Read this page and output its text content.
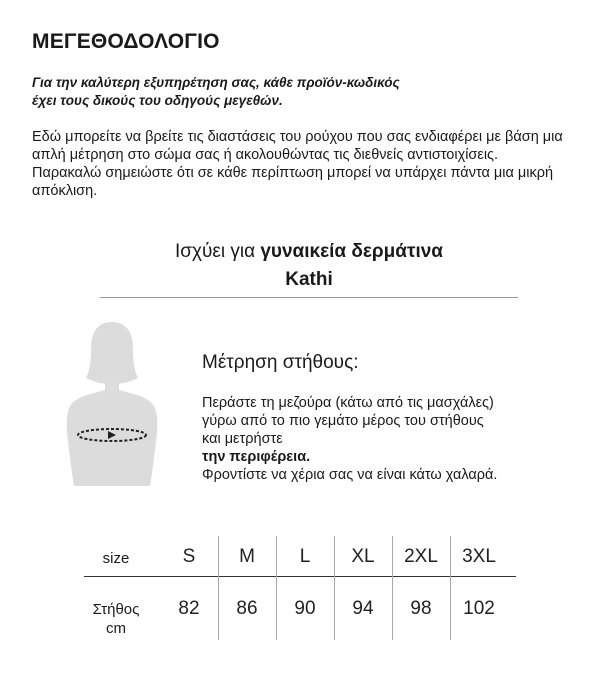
ΜΕΓΕΘΟΔΟΛΟΓΙΟ
Για την καλύτερη εξυπηρέτηση σας, κάθε προϊόν-κωδικός
έχει τους δικούς του οδηγούς μεγεθών.

Εδώ μπορείτε να βρείτε τις διαστάσεις του ρούχου που σας ενδιαφέρει με βάση μια απλή μέτρηση στο σώμα σας ή ακολουθώντας τις διεθνείς αντιστοιχίσεις.

Παρακαλώ σημειώστε ότι σε κάθε περίπτωση μπορεί να υπάρχει πάντα μια μικρή απόκλιση.

Ισχύει για γυναικεία δερμάτινα
Kathi
Μέτρηση στήθους:
Περάστε τη μεζούρα (κάτω από τις μασχάλες)
γύρω από το πιο γεμάτο μέρος του στήθους
και μετρήστε
την περιφέρεια.
Φροντίστε να χέρια σας να είναι κάτω χαλαρά.
size	S	M	L	XL	2XL	3XL
Στήθος
cm
82	86	90	94	98	102
